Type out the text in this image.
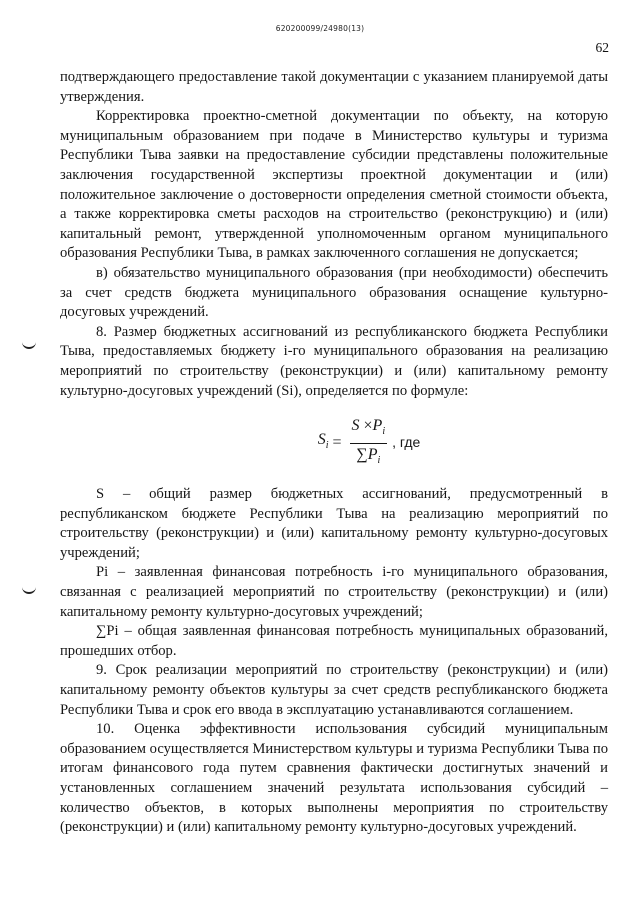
620200099/24980(13)
62

подтверждающего предоставление такой документации с указанием планируемой даты утверждения.

Корректировка проектно-сметной документации по объекту, на которую муниципальным образованием при подаче в Министерство культуры и туризма Республики Тыва заявки на предоставление субсидии представлены положительные заключения государственной экспертизы проектной документации и (или) положительное заключение о достоверности определения сметной стоимости объекта, а также корректировка сметы расходов на строительство (реконструкцию) и (или) капитальный ремонт, утвержденной уполномоченным органом муниципального образования Республики Тыва, в рамках заключенного соглашения не допускается;

в) обязательство муниципального образования (при необходимости) обеспечить за счет средств бюджета муниципального образования оснащение культурно-досуговых учреждений.

8. Размер бюджетных ассигнований из республиканского бюджета Республики Тыва, предоставляемых бюджету i-го муниципального образования на реализацию мероприятий по строительству (реконструкции) и (или) капитальному ремонту культурно-досуговых учреждений (Si), определяется по формуле:

$S_i = \frac{S \times P_i}{\sum P_i}$ , где

S – общий размер бюджетных ассигнований, предусмотренный в республиканском бюджете Республики Тыва на реализацию мероприятий по строительству (реконструкции) и (или) капитальному ремонту культурно-досуговых учреждений;

Pi – заявленная финансовая потребность i-го муниципального образования, связанная с реализацией мероприятий по строительству (реконструкции) и (или) капитальному ремонту культурно-досуговых учреждений;

∑Pi – общая заявленная финансовая потребность муниципальных образований, прошедших отбор.

9. Срок реализации мероприятий по строительству (реконструкции) и (или) капитальному ремонту объектов культуры за счет средств республиканского бюджета Республики Тыва и срок его ввода в эксплуатацию устанавливаются соглашением.

10. Оценка эффективности использования субсидий муниципальным образованием осуществляется Министерством культуры и туризма Республики Тыва по итогам финансового года путем сравнения фактически достигнутых значений и установленных соглашением значений результата использования субсидий – количество объектов, в которых выполнены мероприятия по строительству (реконструкции) и (или) капитальному ремонту культурно-досуговых учреждений.
